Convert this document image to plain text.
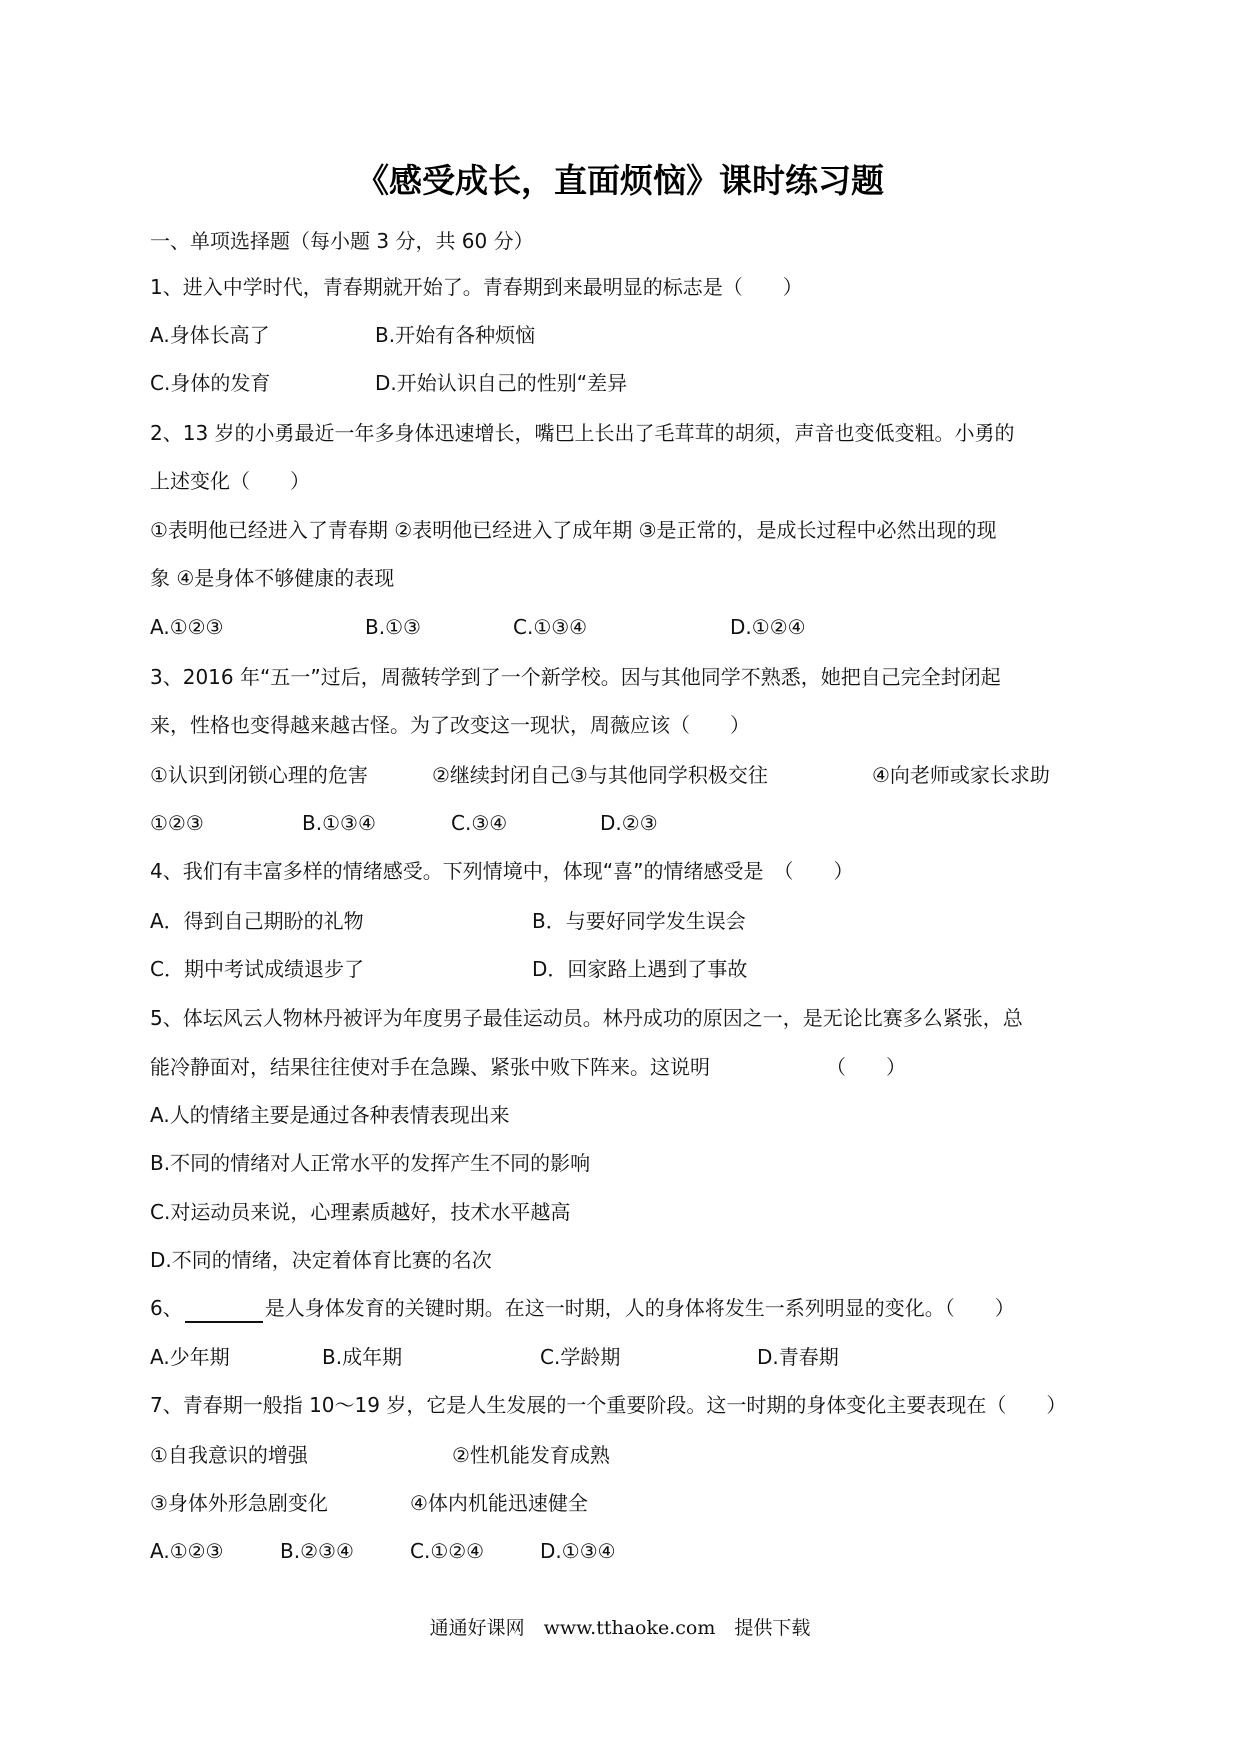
《感受成长，直面烦恼》课时练习题
一、单项选择题（每小题 3 分，共 60 分）
1、进入中学时代，青春期就开始了。青春期到来最明显的标志是（　　）
A.身体长高了	B.开始有各种烦恼
C.身体的发育	D.开始认识自己的性别“差异
2、13 岁的小勇最近一年多身体迅速增长，嘴巴上长出了毛茸茸的胡须，声音也变低变粗。小勇的
上述变化（　　）
①表明他已经进入了青春期 ②表明他已经进入了成年期 ③是正常的，是成长过程中必然出现的现
象 ④是身体不够健康的表现
A.①②③	B.①③	C.①③④	D.①②④
3、2016 年“五一”过后，周薇转学到了一个新学校。因与其他同学不熟悉，她把自己完全封闭起
来，性格也变得越来越古怪。为了改变这一现状，周薇应该（　　）
①认识到闭锁心理的危害	②继续封闭自己③与其他同学积极交往	④向老师或家长求助
①②③	B.①③④	C.③④	D.②③
4、我们有丰富多样的情绪感受。下列情境中，体现“喜”的情绪感受是　（　　）
A．得到自己期盼的礼物	B．与要好同学发生误会
C．期中考试成绩退步了	D．回家路上遇到了事故
5、体坛风云人物林丹被评为年度男子最佳运动员。林丹成功的原因之一，是无论比赛多么紧张，总
能冷静面对，结果往往使对手在急躁、紧张中败下阵来。这说明	（　　）
A.人的情绪主要是通过各种表情表现出来
B.不同的情绪对人正常水平的发挥产生不同的影响
C.对运动员来说，心理素质越好，技术水平越高
D.不同的情绪，决定着体育比赛的名次
6、	是人身体发育的关键时期。在这一时期，人的身体将发生一系列明显的变化。（　　）
A.少年期	B.成年期	C.学龄期	D.青春期
7、青春期一般指 10～19 岁，它是人生发展的一个重要阶段。这一时期的身体变化主要表现在（　　）
①自我意识的增强	②性机能发育成熟
③身体外形急剧变化	④体内机能迅速健全
A.①②③	B.②③④	C.①②④	D.①③④
通通好课网　www.tthaoke.com　提供下载
